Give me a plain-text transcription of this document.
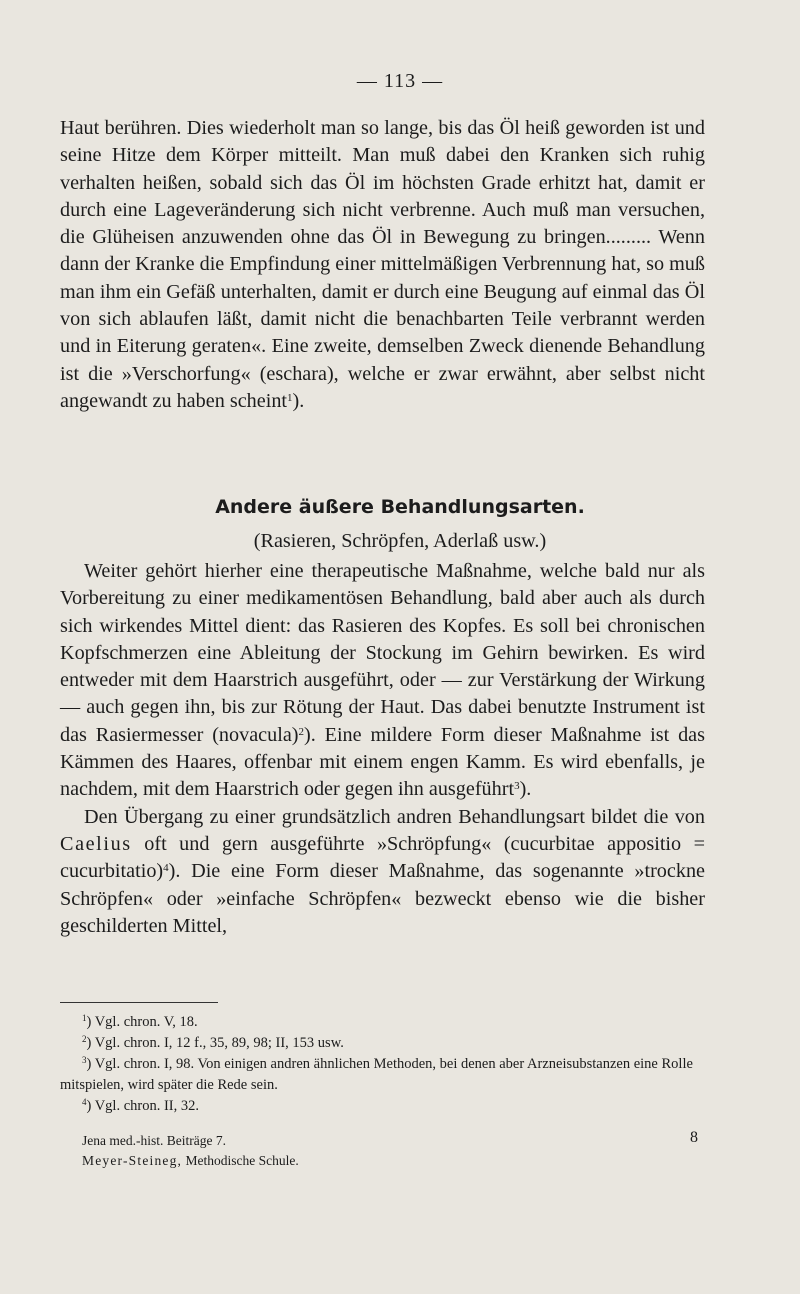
— 113 —

Haut berühren. Dies wiederholt man so lange, bis das Öl heiß geworden ist und seine Hitze dem Körper mitteilt. Man muß dabei den Kranken sich ruhig verhalten heißen, sobald sich das Öl im höchsten Grade erhitzt hat, damit er durch eine Lageveränderung sich nicht verbrenne. Auch muß man versuchen, die Glüheisen anzuwenden ohne das Öl in Bewegung zu bringen......... Wenn dann der Kranke die Empfindung einer mittelmäßigen Verbrennung hat, so muß man ihm ein Gefäß unterhalten, damit er durch eine Beugung auf einmal das Öl von sich ablaufen läßt, damit nicht die benachbarten Teile verbrannt werden und in Eiterung geraten«. Eine zweite, demselben Zweck dienende Behandlung ist die »Verschorfung« (eschara), welche er zwar erwähnt, aber selbst nicht angewandt zu haben scheint$^1$).

Andere äußere Behandlungsarten.
(Rasieren, Schröpfen, Aderlaß usw.)

Weiter gehört hierher eine therapeutische Maßnahme, welche bald nur als Vorbereitung zu einer medikamentösen Behandlung, bald aber auch als durch sich wirkendes Mittel dient: das Rasieren des Kopfes. Es soll bei chronischen Kopfschmerzen eine Ableitung der Stockung im Gehirn bewirken. Es wird entweder mit dem Haarstrich ausgeführt, oder — zur Verstärkung der Wirkung — auch gegen ihn, bis zur Rötung der Haut. Das dabei benutzte Instrument ist das Rasiermesser (novacula)$^2$). Eine mildere Form dieser Maßnahme ist das Kämmen des Haares, offenbar mit einem engen Kamm. Es wird ebenfalls, je nachdem, mit dem Haarstrich oder gegen ihn ausgeführt$^3$).

Den Übergang zu einer grundsätzlich andren Behandlungsart bildet die von Caelius oft und gern ausgeführte »Schröpfung« (cucurbitae appositio = cucurbitatio)$^4$). Die eine Form dieser Maßnahme, das sogenannte »trockne Schröpfen« oder »einfache Schröpfen« bezweckt ebenso wie die bisher geschilderten Mittel,

$^1$) Vgl. chron. V, 18.
$^2$) Vgl. chron. I, 12 f., 35, 89, 98; II, 153 usw.
$^3$) Vgl. chron. I, 98. Von einigen andren ähnlichen Methoden, bei denen aber Arzneisubstanzen eine Rolle mitspielen, wird später die Rede sein.
$^4$) Vgl. chron. II, 32.
Jena med.-hist. Beiträge 7.
Meyer-Steineg, Methodische Schule.
8
